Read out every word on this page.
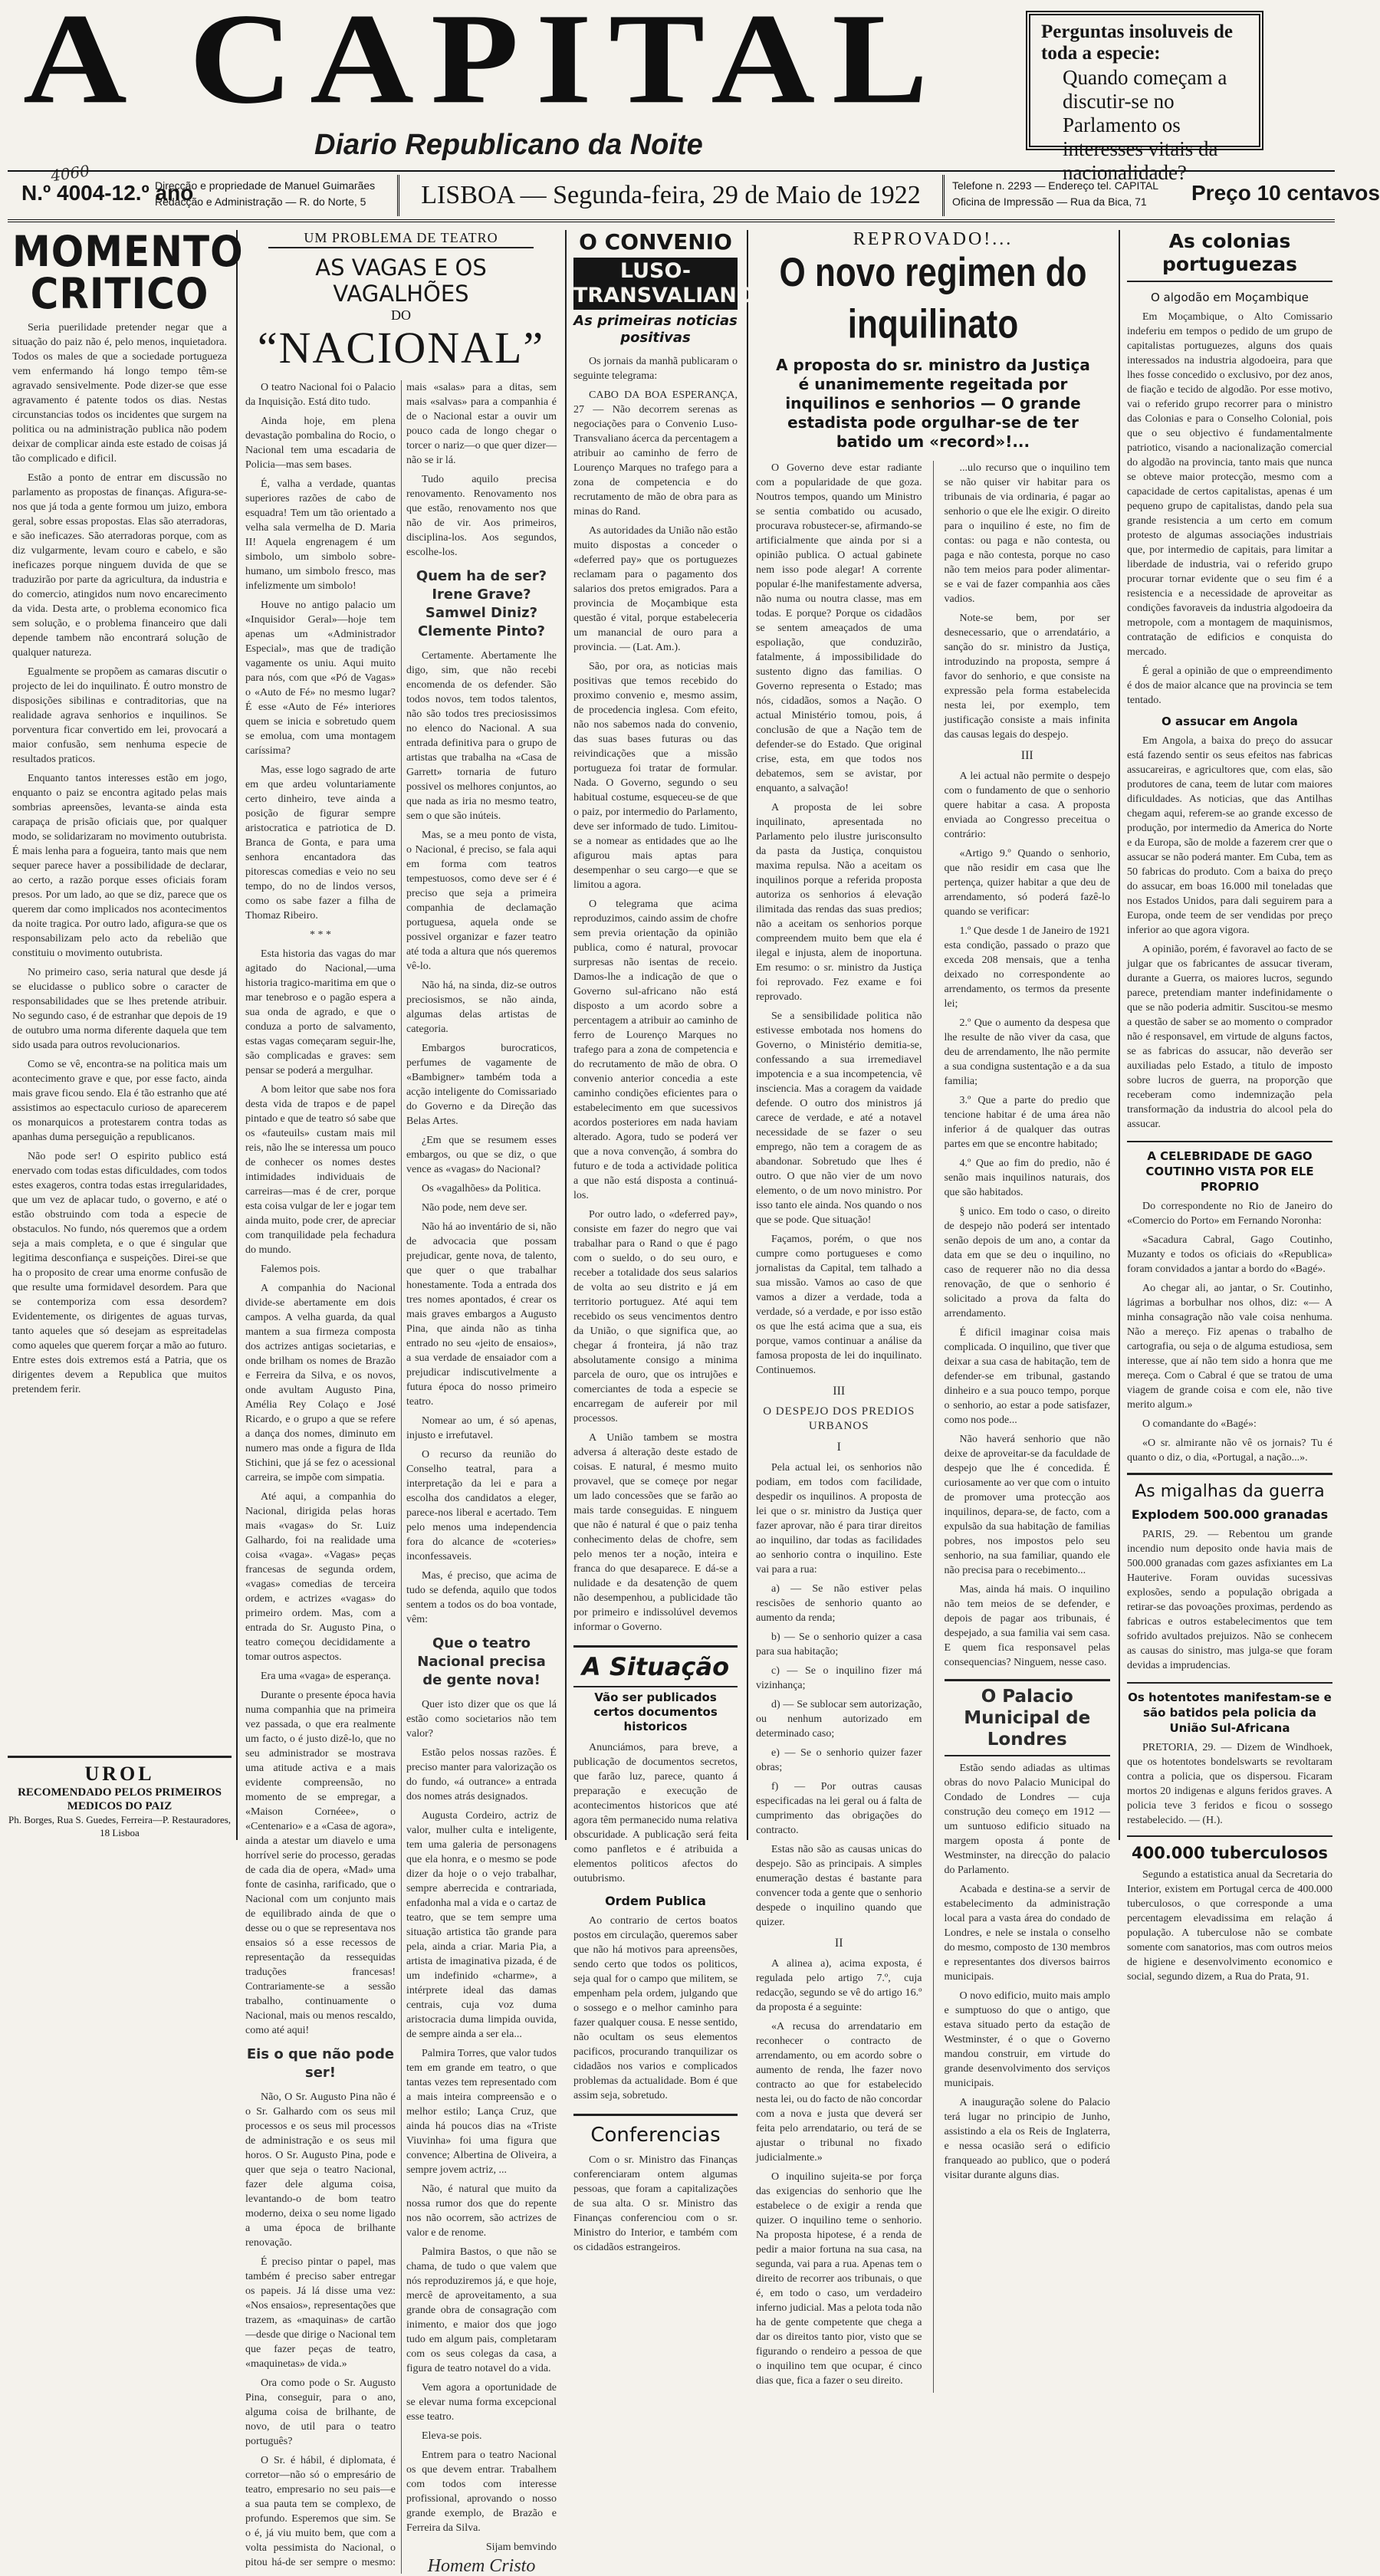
A CAPITAL
Diario Republicano da Noite
Perguntas insoluveis de toda a especie:
Quando começam a discutir-se no Parlamento os interesses vitais da nacionalidade?
4060
N.º 4004-12.º ano
Direcção e propriedade de Manuel Guimarães
Redacção e Administração — R. do Norte, 5	LISBOA — Segunda-feira, 29 de Maio de 1922	Telefone n. 2293 — Endereço tel. CAPITAL
Oficina de Impressão — Rua da Bica, 71	Preço 10 centavos
MOMENTO CRITICO

Seria puerilidade pretender negar que a situação do paiz não é, pelo menos, inquietadora. Todos os males de que a sociedade portugueza vem enfermando há longo tempo têm-se agravado sensivelmente. Pode dizer-se que esse agravamento é patente todos os dias. Nestas circunstancias todos os incidentes que surgem na politica ou na administração publica não podem deixar de complicar ainda este estado de coisas já tão complicado e dificil.

Estão a ponto de entrar em discussão no parlamento as propostas de finanças. Afigura-se-nos que já toda a gente formou um juizo, embora geral, sobre essas propostas. Elas são aterradoras, e são ineficazes. São aterradoras porque, com as diz vulgarmente, levam couro e cabelo, e são ineficazes porque ninguem duvida de que se traduzirão por parte da agricultura, da industria e do comercio, atingidos num novo encarecimento da vida. Desta arte, o problema economico fica sem solução, e o problema financeiro que dali depende tambem não encontrará solução de qualquer natureza.

Egualmente se propõem as camaras discutir o projecto de lei do inquilinato. É outro monstro de disposições sibilinas e contraditorias, que na realidade agrava senhorios e inquilinos. Se porventura ficar convertido em lei, provocará a maior confusão, sem nenhuma especie de resultados praticos.

Enquanto tantos interesses estão em jogo, enquanto o paiz se encontra agitado pelas mais sombrias apreensões, levanta-se ainda esta carapaça de prisão oficiais que, por qualquer modo, se solidarizaram no movimento outubrista. É mais lenha para a fogueira, tanto mais que nem sequer parece haver a possibilidade de declarar, ao certo, a razão porque esses oficiais foram presos. Por um lado, ao que se diz, parece que os querem dar como implicados nos acontecimentos da noite tragica. Por outro lado, afigura-se que os responsabilizam pelo acto da rebelião que constituiu o movimento outubrista.

No primeiro caso, seria natural que desde já se elucidasse o publico sobre o caracter de responsabilidades que se lhes pretende atribuir. No segundo caso, é de estranhar que depois de 19 de outubro uma norma diferente daquela que tem sido usada para outros revolucionarios.

Como se vê, encontra-se na politica mais um acontecimento grave e que, por esse facto, ainda mais grave ficou sendo. Ela é tão estranho que até assistimos ao espectaculo curioso de aparecerem os monarquicos a protestarem contra todas as apanhas duma perseguição a republicanos.

Não pode ser! O espirito publico está enervado com todas estas dificuldades, com todos estes exageros, contra todas estas irregularidades, que um vez de aplacar tudo, o governo, e até o estão obstruindo com toda a especie de obstaculos. No fundo, nós queremos que a ordem seja a mais completa, e o que é singular que legitima desconfiança e suspeições. Direi-se que ha o proposito de crear uma enorme confusão de que resulte uma formidavel desordem. Para que se contemporiza com essa desordem? Evidentemente, os dirigentes de aguas turvas, tanto aqueles que só desejam as espreitadelas como aqueles que querem forçar a mão ao futuro. Entre estes dois extremos está a Patria, que os dirigentes devem a Republica que muitos pretendem ferir.

UROL
RECOMENDADO PELOS PRIMEIROS MEDICOS DO PAIZ
Ph. Borges, Rua S. Guedes, Ferreira—P. Restauradores, 18 Lisboa
UM PROBLEMA DE TEATRO
AS VAGAS E OS VAGALHÕES
DO
“NACIONAL”

O teatro Nacional foi o Palacio da Inquisição. Está dito tudo.

Ainda hoje, em plena devastação pombalina do Rocio, o Nacional tem uma escadaria de Policia—mas sem bases.

É, valha a verdade, quantas superiores razões de cabo de esquadra! Tem um tão orientado a velha sala vermelha de D. Maria II! Aquela engrenagem é um simbolo, um simbolo sobre-humano, um simbolo fresco, mas infelizmente um simbolo!

Houve no antigo palacio um «Inquisidor Geral»—hoje tem apenas um «Administrador Especial», mas que de tradição vagamente os uniu. Aqui muito para nós, com que «Pó de Vagas» o «Auto de Fé» no mesmo lugar? É esse «Auto de Fé» interiores quem se inicia e sobretudo quem se emolua, com uma montagem caríssima?

Mas, esse logo sagrado de arte em que ardeu voluntariamente certo dinheiro, teve ainda a posição de figurar sempre aristocratica e patriotica de D. Branca de Gonta, e para uma senhora encantadora das pitorescas comedias e veio no seu tempo, do no de lindos versos, como os sabe fazer a filha de Thomaz Ribeiro.

* * *

Esta historia das vagas do mar agitado do Nacional,—uma historia tragico-maritima em que o mar tenebroso e o pagão espera a sua onda de agrado, e que o conduza a porto de salvamento, estas vagas começaram seguir-lhe, são complicadas e graves: sem pensar se poderá a mergulhar.

A bom leitor que sabe nos fora desta vida de trapos e de papel pintado e que de teatro só sabe que os «fauteuils» custam mais mil reis, não lhe se interessa um pouco de conhecer os nomes destes intimidades individuais de carreiras—mas é de crer, porque esta coisa vulgar de ler e jogar tem ainda muito, pode crer, de apreciar com tranquilidade pela fechadura do mundo.

Falemos pois.

A companhia do Nacional divide-se abertamente em dois campos. A velha guarda, da qual mantem a sua firmeza composta dos actrizes antigas societarias, e onde brilham os nomes de Brazão e Ferreira da Silva, e os novos, onde avultam Augusto Pina, Amélia Rey Colaço e José Ricardo, e o grupo a que se refere a dança dos nomes, diminuto em numero mas onde a figura de Ilda Stichini, que já se fez o acessional carreira, se impõe com simpatia.

Até aqui, a companhia do Nacional, dirigida pelas horas mais «vagas» do Sr. Luiz Galhardo, foi na realidade uma coisa «vaga». «Vagas» peças francesas de segunda ordem, «vagas» comedias de terceira ordem, e actrizes «vagas» do primeiro ordem. Mas, com a entrada do Sr. Augusto Pina, o teatro começou decididamente a tomar outros aspectos.

Era uma «vaga» de esperança.

Durante o presente época havia numa companhia que na primeira vez passada, o que era realmente um facto, o é justo dizê-lo, que no seu administrador se mostrava uma atitude activa e a mais evidente compreensão, no momento de se empregar, a «Maison Cornéee», o «Centenario» e a «Casa de agora», ainda a atestar um diavelo e uma horrível serie do processo, geradas de cada dia de opera, «Mad» uma fonte de casinha, rarificado, que o Nacional com um conjunto mais de equilibrado ainda de que o desse ou o que se representava nos ensaios só a esse recessos de representação da ressequidas traduções francesas! Contrariamente-se a sessão trabalho, continuamente o Nacional, mais ou menos rescaldo, como até aqui!

Eis o que não pode ser!

Não, O Sr. Augusto Pina não é o Sr. Galhardo com os seus mil processos e os seus mil processos de administração e os seus mil horos. O Sr. Augusto Pina, pode e quer que seja o teatro Nacional, fazer dele alguma coisa, levantando-o de bom teatro moderno, deixa o seu nome ligado a uma época de brilhante renovação.

É preciso pintar o papel, mas também é preciso saber entregar os papeis. Já lá disse uma vez: «Nos ensaios», representações que trazem, as «maquinas» de cartão—desde que dirige o Nacional tem que fazer peças de teatro, «maquinetas» de vida.»

Ora como pode o Sr. Augusto Pina, conseguir, para o ano, alguma coisa de brilhante, de novo, de util para o teatro português?

O Sr. é hábil, é diplomata, é corretor—não só o empresário de teatro, empresario no seu pais—e a sua pauta tem se complexo, de profundo. Esperemos que sim. Se o é, já viu muito bem, que com a volta pessimista do Nacional, o pitou há-de ser sempre o mesmo: mais «salas» para a ditas, sem mais «salvas» para a companhia é de o Nacional estar a ouvir um pouco cada de longo chegar o torcer o nariz—o que quer dizer—não se ir lá.

Tudo aquilo precisa renovamento. Renovamento nos que estão, renovamento nos que não de vir. Aos primeiros, disciplina-los. Aos segundos, escolhe-los.

Quem ha de ser? Irene Grave? Samwel Diniz? Clemente Pinto?

Certamente. Abertamente lhe digo, sim, que não recebi encomenda de os defender. São todos novos, tem todos talentos, não são todos tres preciosissimos no elenco do Nacional. A sua entrada definitiva para o grupo de artistas que trabalha na «Casa de Garrett» tornaria de futuro possivel os melhores conjuntos, ao que nada as iria no mesmo teatro, sem o que são inúteis.

Mas, se a meu ponto de vista, o Nacional, é preciso, se fala aqui em forma com teatros tempestuosos, como deve ser é é preciso que seja a primeira companhia de declamação portuguesa, aquela onde se possivel organizar e fazer teatro até toda a altura que nós queremos vê-lo.

Não há, na sinda, diz-se outros preciosismos, se não ainda, algumas delas artistas de categoria.

Embargos burocraticos, perfumes de vagamente de «Bambigner» também toda a acção inteligente do Comissariado do Governo e da Direção das Belas Artes.

¿Em que se resumem esses embargos, ou que se diz, o que vence as «vagas» do Nacional?

Os «vagalhões» da Politica.

Não pode, nem deve ser.

Não há ao inventário de si, não de advocacia que possam prejudicar, gente nova, de talento, que quer o que trabalhar honestamente. Toda a entrada dos tres nomes apontados, é crear os mais graves embargos a Augusto Pina, que ainda não as tinha entrado no seu «jeito de ensaios», a sua verdade de ensaiador com a prejudicar indiscutivelmente a futura época do nosso primeiro teatro.

Nomear ao um, é só apenas, injusto e irrefutavel.

O recurso da reunião do Conselho teatral, para a interpretação da lei e para a escolha dos candidatos a eleger, parece-nos liberal e acertado. Tem pelo menos uma independencia fora do alcance de «coteries» inconfessaveis.

Mas, é preciso, que acima de tudo se defenda, aquilo que todos sentem a todos os do boa vontade, vêm:

Que o teatro Nacional precisa de gente nova!

Quer isto dizer que os que lá estão como societarios não tem valor?

Estão pelos nossas razões. É preciso manter para valorização os do fundo, «á outrance» a entrada dos nomes atrás designados.

Augusta Cordeiro, actriz de valor, mulher culta e inteligente, tem uma galeria de personagens que ela honra, e o mesmo se pode dizer da hoje o o vejo trabalhar, sempre aberrecida e contrariada, enfadonha mal a vida e o cartaz de teatro, que se tem sempre uma situação artistica tão grande para pela, ainda a criar. Maria Pia, a artista de imaginativa pizada, é de um indefinido «charme», a intérprete ideal das damas centrais, cuja voz duma aristocracia duma limpida ouvida, de sempre ainda a ser ela...

Palmira Torres, que valor tudos tem em grande em teatro, o que tantas vezes tem representado com a mais inteira compreensão e o melhor estilo; Lança Cruz, que ainda há poucos dias na «Triste Viuvinha» foi uma figura que convence; Albertina de Oliveira, a sempre jovem actriz, ...

Não, é natural que muito da nossa rumor dos que do repente nos não ocorrem, são actrizes de valor e de renome.

Palmira Bastos, o que não se chama, de tudo o que valem que nós reproduziremos já, e que hoje, mercê de aproveitamento, a sua grande obra de consagração com inimento, e maior dos que jogo tudo em algum pais, completaram com os seus colegas da casa, a figura de teatro notavel do a vida.

Vem agora a oportunidade de se elevar numa forma excepcional esse teatro.

Eleva-se pois.

Entrem para o teatro Nacional os que devem entrar. Trabalhem com todos com interesse profissional, aprovando o nosso grande exemplo, de Brazão e Ferreira da Silva.

Sijam bemvindo

Homem Cristo
O CONVENIO
LUSO-TRANSVALIANO
As primeiras noticias positivas

Os jornais da manhã publicaram o seguinte telegrama:

CABO DA BOA ESPERANÇA, 27 — Não decorrem serenas as negociações para o Convenio Luso-Transvaliano ácerca da percentagem a atribuir ao caminho de ferro de Lourenço Marques no trafego para a zona de competencia e do recrutamento de mão de obra para as minas do Rand.

As autoridades da União não estão muito dispostas a conceder o «deferred pay» que os portuguezes reclamam para o pagamento dos salarios dos pretos emigrados. Para a provincia de Moçambique esta questão é vital, porque estabeleceria um manancial de ouro para a provincia. — (Lat. Am.).

São, por ora, as noticias mais positivas que temos recebido do proximo convenio e, mesmo assim, de procedencia inglesa. Com efeito, não nos sabemos nada do convenio, das suas bases futuras ou das reivindicações que a missão portugueza foi tratar de formular. Nada. O Governo, segundo o seu habitual costume, esqueceu-se de que o paiz, por intermedio do Parlamento, deve ser informado de tudo. Limitou-se a nomear as entidades que ao lhe afigurou mais aptas para desempenhar o seu cargo—e que se limitou a agora.

O telegrama que acima reproduzimos, caindo assim de chofre sem previa orientação da opinião publica, como é natural, provocar surpresas não isentas de receio. Damos-lhe a indicação de que o Governo sul-africano não está disposto a um acordo sobre a percentagem a atribuir ao caminho de ferro de Lourenço Marques no trafego para a zona de competencia e do recrutamento de mão de obra. O convenio anterior concedia a este caminho condições eficientes para o estabelecimento em que sucessivos acordos posteriores em nada haviam alterado. Agora, tudo se poderá ver que a nova convenção, á sombra do futuro e de toda a actividade politica a que não está disposta a continuá-los.

Por outro lado, o «deferred pay», consiste em fazer do negro que vai trabalhar para o Rand o que é pago com o sueldo, o do seu ouro, e receber a totalidade dos seus salarios de volta ao seu distrito e já em territorio portuguez. Até aqui tem recebido os seus vencimentos dentro da União, o que significa que, ao chegar á fronteira, já não traz absolutamente consigo a minima parcela de ouro, que os intrujões e comerciantes de toda a especie se encarregam de aufereir por mil processos.

A União tambem se mostra adversa á alteração deste estado de coisas. E natural, é mesmo muito provavel, que se começe por negar um lado concessões que se farão ao mais tarde conseguidas. E ninguem que não é natural é que o paiz tenha conhecimento delas de chofre, sem pelo menos ter a noção, inteira e franca do que desaparece. E dá-se a nulidade e da desatenção de quem não desempenhou, a publicidade tão por primeiro e indissolúvel devemos informar o Governo.

A Situação
Vão ser publicados certos documentos historicos

Anunciámos, para breve, a publicação de documentos secretos, que farão luz, parece, quanto á preparação e execução de acontecimentos historicos que até agora têm permanecido numa relativa obscuridade. A publicação será feita como panfletos e é atribuida a elementos politicos afectos do outubrismo.

Ordem Publica

Ao contrario de certos boatos postos em circulação, queremos saber que não há motivos para apreensões, sendo certo que todos os politicos, seja qual for o campo que militem, se empenham pela ordem, julgando que o sossego e o melhor caminho para fazer qualquer cousa. E nesse sentido, não ocultam os seus elementos pacificos, procurando tranquilizar os cidadãos nos varios e complicados problemas da actualidade. Bom é que assim seja, sobretudo.

Conferencias

Com o sr. Ministro das Finanças conferenciaram ontem algumas pessoas, que foram a capitalizações de sua alta. O sr. Ministro das Finanças conferenciou com o sr. Ministro do Interior, e também com os cidadãos estrangeiros.

REPROVADO!...
O novo regimen do inquilinato
A proposta do sr. ministro da Justiça é unanimemente regeitada por inquilinos e senhorios — O grande estadista pode orgulhar-se de ter batido um «record»!...

O Governo deve estar radiante com a popularidade de que goza. Noutros tempos, quando um Ministro se sentia combatido ou acusado, procurava robustecer-se, afirmando-se artificialmente que ainda por si a opinião publica. O actual gabinete nem isso pode alegar! A corrente popular é-lhe manifestamente adversa, não numa ou noutra classe, mas em todas. E porque? Porque os cidadãos se sentem ameaçados de uma espoliação, que conduzirão, fatalmente, á impossibilidade do sustento digno das familias. O Governo representa o Estado; mas nós, cidadãos, somos a Nação. O actual Ministério tomou, pois, á conclusão de que a Nação tem de defender-se do Estado. Que original crise, esta, em que todos nos debatemos, sem se avistar, por enquanto, a salvação!

A proposta de lei sobre inquilinato, apresentada no Parlamento pelo ilustre jurisconsulto da pasta da Justiça, conquistou maxima repulsa. Não a aceitam os inquilinos porque a referida proposta autoriza os senhorios á elevação ilimitada das rendas das suas predios; não a aceitam os senhorios porque compreendem muito bem que ela é ilegal e injusta, alem de inoportuna. Em resumo: o sr. ministro da Justiça foi reprovado. Fez exame e foi reprovado.

Se a sensibilidade politica não estivesse embotada nos homens do Governo, o Ministério demitia-se, confessando a sua irremediavel impotencia e a sua incompetencia, vê insciencia. Mas a coragem da vaidade defende. O outro dos ministros já carece de verdade, e até a notavel necessidade de se fazer o seu emprego, não tem a coragem de as abandonar. Sobretudo que lhes é outro. O que não vier de um novo elemento, o de um novo ministro. Por isso tanto ele ainda. Nos quando o nos que se pode. Que situação!

Façamos, porém, o que nos cumpre como portugueses e como jornalistas da Capital, tem talhado a sua missão. Vamos ao caso de que vamos a dizer a verdade, toda a verdade, só a verdade, e por isso estão os que lhe está acima que a sua, eis porque, vamos continuar a análise da famosa proposta de lei do inquilinato. Continuemos.

III
O DESPEJO DOS PREDIOS URBANOS
I

Pela actual lei, os senhorios não podiam, em todos com facilidade, despedir os inquilinos. A proposta de lei que o sr. ministro da Justiça quer fazer aprovar, não é para tirar direitos ao inquilino, dar todas as facilidades ao senhorio contra o inquilino. Este vai para a rua:

a) — Se não estiver pelas rescisões de senhorio quanto ao aumento da renda;

b) — Se o senhorio quizer a casa para sua habitação;

c) — Se o inquilino fizer má vizinhança;

d) — Se sublocar sem autorização, ou nenhum autorizado em determinado caso;

e) — Se o senhorio quizer fazer obras;

f) — Por outras causas especificadas na lei geral ou á falta de cumprimento das obrigações do contracto.

Estas não são as causas unicas do despejo. São as principais. A simples enumeração destas é bastante para convencer toda a gente que o senhorio despede o inquilino quando que quizer.

II

A alinea a), acima exposta, é regulada pelo artigo 7.º, cuja redacção, segundo se vê do artigo 16.º da proposta é a seguinte:

«A recusa do arrendatario em reconhecer o contracto de arrendamento, ou em acordo sobre o aumento de renda, lhe fazer novo contracto ao que for estabelecido nesta lei, ou do facto de não concordar com a nova e justa que deverá ser feita pelo arrendatario, ou terá de se ajustar o tribunal no fixado judicialmente.»

O inquilino sujeita-se por força das exigencias do senhorio que lhe estabelece o de exigir a renda que quizer. O inquilino teme o senhorio. Na proposta hipotese, é a renda de pedir a maior fortuna na sua casa, na segunda, vai para a rua. Apenas tem o direito de recorrer aos tribunais, o que é, em todo o caso, um verdadeiro inferno judicial. Mas a pelota toda não ha de gente competente que chega a dar os direitos tanto pior, visto que se figurando o rendeiro a pessoa de que o inquilino tem que ocupar, é cinco dias que, fica a fazer o seu direito.

...ulo recurso que o inquilino tem se não quiser vir habitar para os tribunais de via ordinaria, é pagar ao senhorio o que ele lhe exigir. O direito para o inquilino é este, no fim de contas: ou paga e não contesta, ou paga e não contesta, porque no caso não tem meios para poder alimentar-se e vai de fazer companhia aos cães vadios.

Note-se bem, por ser desnecessario, que o arrendatário, a sanção do sr. ministro da Justiça, introduzindo na proposta, sempre á favor do senhorio, e que consiste na expressão pela forma estabelecida nesta lei, por exemplo, tem justificação consiste a mais infinita das causas legais do despejo.

III

A lei actual não permite o despejo com o fundamento de que o senhorio quere habitar a casa. A proposta enviada ao Congresso preceitua o contrário:

«Artigo 9.º Quando o senhorio, que não residir em casa que lhe pertença, quizer habitar a que deu de arrendamento, só poderá fazê-lo quando se verificar:

1.º Que desde 1 de Janeiro de 1921 esta condição, passado o prazo que exceda 208 mensais, que a tenha deixado no correspondente ao arrendamento, os termos da presente lei;

2.º Que o aumento da despesa que lhe resulte de não viver da casa, que deu de arrendamento, lhe não permite a sua condigna sustentação e a da sua familia;

3.º Que a parte do predio que tencione habitar é de uma área não inferior á de qualquer das outras partes em que se encontre habitado;

4.º Que ao fim do predio, não é senão mais inquilinos naturais, dos que são habitados.

§ unico. Em todo o caso, o direito de despejo não poderá ser intentado senão depois de um ano, a contar da data em que se deu o inquilino, no caso de requerer não no dia dessa renovação, de que o senhorio é solicitado a prova da falta do arrendamento.

É dificil imaginar coisa mais complicada. O inquilino, que tiver que deixar a sua casa de habitação, tem de defender-se em tribunal, gastando dinheiro e a sua pouco tempo, porque o senhorio, ao estar a pode satisfazer, como nos pode...

Não haverá senhorio que não deixe de aproveitar-se da faculdade de despejo que lhe é concedida. É curiosamente ao ver que com o intuito de promover uma protecção aos inquilinos, depara-se, de facto, com a expulsão da sua habitação de familias pobres, nos impostos pelo seu senhorio, na sua familiar, quando ele não precisa para o recebimento...

Mas, ainda há mais. O inquilino não tem meios de se defender, e depois de pagar aos tribunais, é despejado, a sua familia vai sem casa. E quem fica responsavel pelas consequencias? Ninguem, nesse caso.

O Palacio Municipal de Londres

Estão sendo adiadas as ultimas obras do novo Palacio Municipal do Condado de Londres — cuja construção deu começo em 1912 — um suntuoso edificio situado na margem oposta á ponte de Westminster, na direcção do palacio do Parlamento.

Acabada e destina-se a servir de estabelecimento da administração local para a vasta área do condado de Londres, e nele se instala o conselho do mesmo, composto de 130 membros e representantes dos diversos bairros municipais.

O novo edificio, muito mais amplo e sumptuoso do que o antigo, que estava situado perto da estação de Westminster, é o que o Governo mandou construir, em virtude do grande desenvolvimento dos serviços municipais.

A inauguração solene do Palacio terá lugar no principio de Junho, assistindo a ela os Reis de Inglaterra, e nessa ocasião será o edificio franqueado ao publico, que o poderá visitar durante alguns dias.

As colonias portuguezas
O algodão em Moçambique

Em Moçambique, o Alto Comissario indeferiu em tempos o pedido de um grupo de capitalistas portuguezes, alguns dos quais interessados na industria algodoeira, para que lhes fosse concedido o exclusivo, por dez anos, de fiação e tecido de algodão. Por esse motivo, vai o referido grupo recorrer para o ministro das Colonias e para o Conselho Colonial, pois que o seu objectivo é fundamentalmente patriotico, visando a nacionalização comercial do algodão na provincia, tanto mais que nunca se obteve maior protecção, mesmo com a capacidade de certos capitalistas, apenas é um pequeno grupo de capitalistas, dando pela sua grande resistencia a um certo em comum protesto de algumas associações industriais que, por intermedio de capitais, para limitar a liberdade de industria, vai o referido grupo procurar tornar evidente que o seu fim é a resistencia e a necessidade de aproveitar as condições favoraveis da industria algodoeira da metropole, com a montagem de maquinismos, contratação de edificios e conquista do mercado.

É geral a opinião de que o empreendimento é dos de maior alcance que na provincia se tem tentado.

O assucar em Angola

Em Angola, a baixa do preço do assucar está fazendo sentir os seus efeitos nas fabricas assucareiras, e agricultores que, com elas, são produtores de cana, teem de lutar com maiores dificuldades. As noticias, que das Antilhas chegam aqui, referem-se ao grande excesso de produção, por intermedio da America do Norte e da Europa, são de molde a fazerem crer que o assucar se não poderá manter. Em Cuba, tem as 50 fabricas do produto. Com a baixa do preço do assucar, em boas 16.000 mil toneladas que nos Estados Unidos, para dali seguirem para a Europa, onde teem de ser vendidas por preço inferior ao que agora vigora.

A opinião, porém, é favoravel ao facto de se julgar que os fabricantes de assucar tiveram, durante a Guerra, os maiores lucros, segundo parece, pretendiam manter indefinidamente o que se não poderia admitir. Suscitou-se mesmo a questão de saber se ao momento o comprador não é responsavel, em virtude de alguns factos, se as fabricas do assucar, não deverão ser auxiliadas pelo Estado, a titulo de imposto sobre lucros de guerra, na proporção que receberam como indemnização pela transformação da industria do alcool pela do assucar.

A CELEBRIDADE DE GAGO COUTINHO VISTA POR ELE PROPRIO

Do correspondente no Rio de Janeiro do «Comercio do Porto» em Fernando Noronha:

«Sacadura Cabral, Gago Coutinho, Muzanty e todos os oficiais do «Republica» foram convidados a jantar a bordo do «Bagé».

Ao chegar ali, ao jantar, o Sr. Coutinho, lágrimas a borbulhar nos olhos, diz: «— A minha consagração não vale coisa nenhuma. Não a mereço. Fiz apenas o trabalho de cartografia, ou seja o de alguma estudiosa, sem interesse, que aí não tem sido a honra que me mereça. Com o Cabral é que se tratou de uma viagem de grande coisa e com ele, não tive merito algum.»

O comandante do «Bagé»:

«O sr. almirante não vê os jornais? Tu é quanto o diz, o dia, «Portugal, a nação...».

As migalhas da guerra
Explodem 500.000 granadas

PARIS, 29. — Rebentou um grande incendio num deposito onde havia mais de 500.000 granadas com gazes asfixiantes em La Hauterive. Foram ouvidas sucessivas explosões, sendo a população obrigada a retirar-se das povoações proximas, perdendo as fabricas e outros estabelecimentos que tem sofrido avultados prejuizos. Não se conhecem as causas do sinistro, mas julga-se que foram devidas a imprudencias.

Os hotentotes manifestam-se e são batidos pela policia da União Sul-Africana

PRETORIA, 29. — Dizem de Windhoek, que os hotentotes bondelswarts se revoltaram contra a policia, que os dispersou. Ficaram mortos 20 indigenas e alguns feridos graves. A policia teve 3 feridos e ficou o sossego restabelecido. — (H.).

400.000 tuberculosos

Segundo a estatistica anual da Secretaria do Interior, existem em Portugal cerca de 400.000 tuberculosos, o que corresponde a uma percentagem elevadissima em relação á população. A tuberculose não se combate somente com sanatorios, mas com outros meios de higiene e desenvolvimento economico e social, segundo dizem, a Rua do Prata, 91.
